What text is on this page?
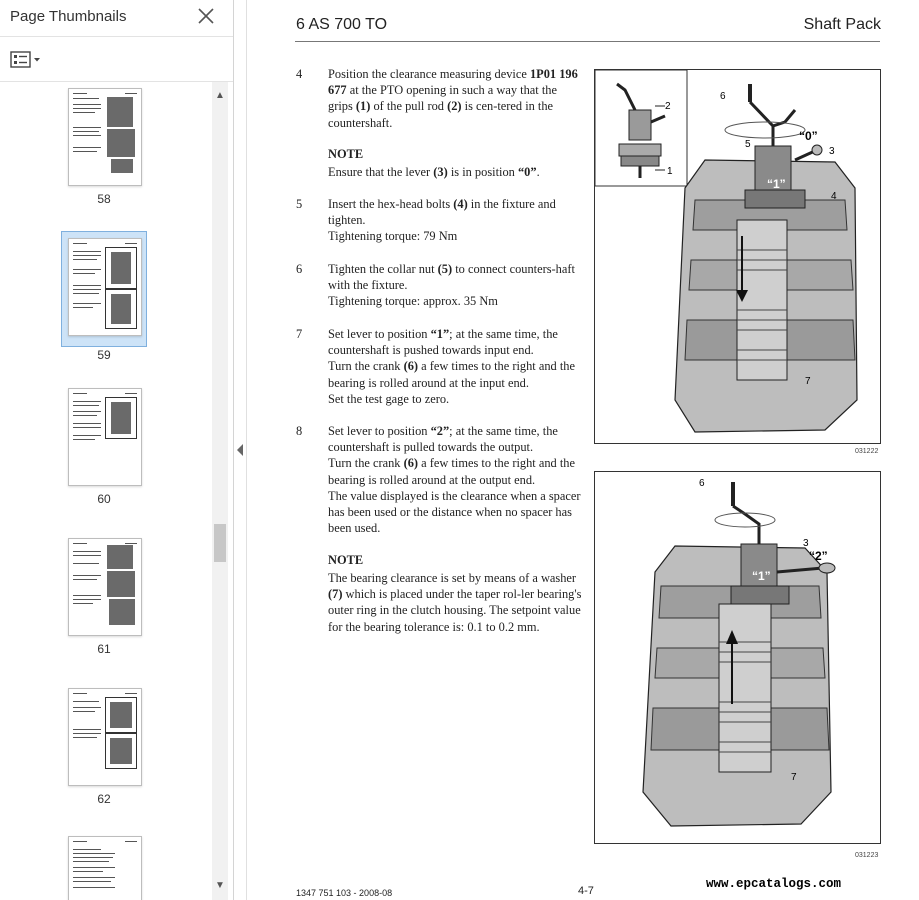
Page Thumbnails
58
59
60
61
62
▲
▼
6 AS 700 TO	Shaft Pack
4 Position the clearance measuring device 1P01 196 677 at the PTO opening in such a way that the grips (1) of the pull rod (2) is cen-tered in the countershaft.
NOTE
Ensure that the lever (3) is in position “0”.
5 Insert the hex-head bolts (4) in the fixture and tighten.
Tightening torque: 79 Nm
6 Tighten the collar nut (5) to connect counters-haft with the fixture.
Tightening torque: approx. 35 Nm
7 Set lever to position “1”; at the same time, the countershaft is pushed towards input end.
Turn the crank (6) a few times to the right and the bearing is rolled around at the input end.
Set the test gage to zero.
8 Set lever to position “2”; at the same time, the countershaft is pulled towards the output.
Turn the crank (6) a few times to the right and the bearing is rolled around at the output end.
The value displayed is the clearance when a spacer has been used or the distance when no spacer has been used.
NOTE
The bearing clearance is set by means of a washer (7) which is placed under the taper rol-ler bearing's outer ring in the clutch housing. The setpoint value for the bearing tolerance is: 0.1 to 0.2 mm.
6
2
5
“0”
3
4
1
7
“1”
031222
6
3
“2”
7
“1”
031223
1347 751 103 - 2008-08	4-7	www.epcatalogs.com
